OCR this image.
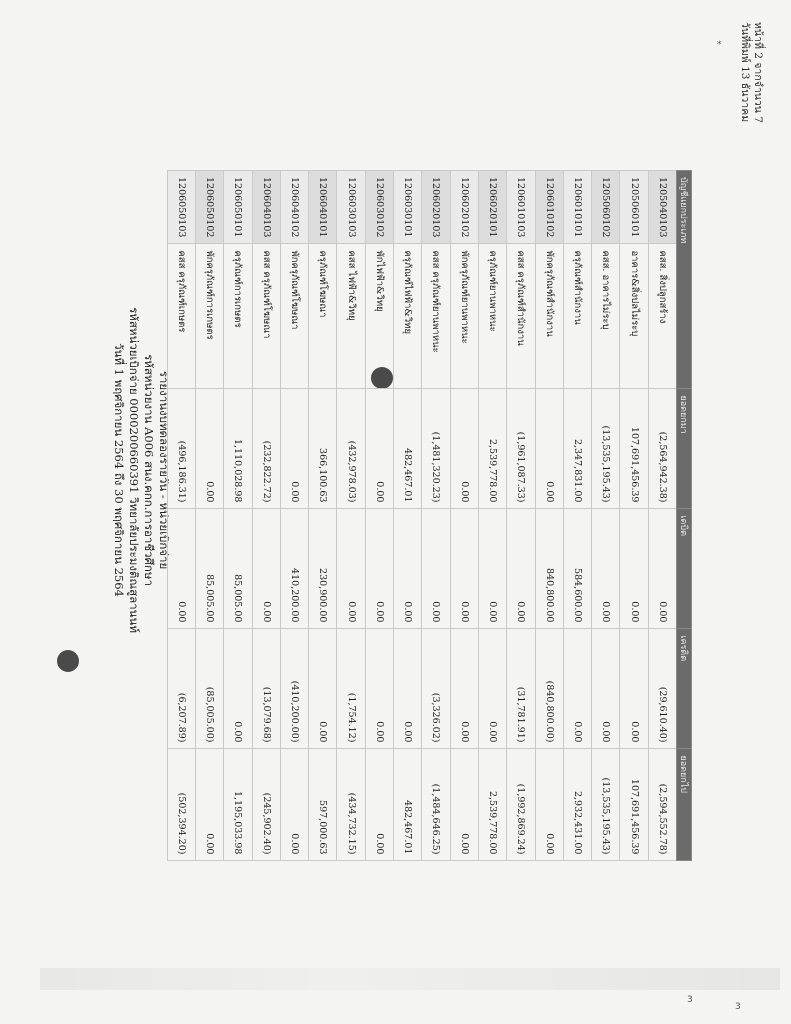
3
3
*	หน้าที่ 2 จากจำนวน 7
วันที่พิมพ์ 13 ธันวาคม
รายงานงบทดลองรายวัน - หน่วยเบิกจ่าย
รหัสหน่วยงาน A006 สนง.คกก.การอาชีวศึกษา
รหัสหน่วยเบิกจ่าย 0000200660391 วิทยาลัยประมงติณสูลานนท์
วันที่ 1 พฤศจิกายน 2564 ถึง 30 พฤศจิกายน 2564
บัญชีแยกประเภท		ยอดยกมา	เดบิต	เครดิต	ยอดยกไป
1205040103	คสส. สิ่งปลูกสร้าง	(2,564,942.38)	0.00	(29,610.40)	(2,594,552.78)
1205060101	อาคาร&สิ่งปลไม่ระบุ	107,691,456.39	0.00	0.00	107,691,456.39
1205060102	คสส. อาคารไม่ระบุ	(13,535,195.43)	0.00	0.00	(13,535,195.43)
1206010101	ครุภัณฑ์สำนักงาน	2,347,831.00	584,600.00	0.00	2,932,431.00
1206010102	พักครุภัณฑ์สำนักงาน	0.00	840,800.00	(840,800.00)	0.00
1206010103	คสส ครุภัณฑ์สำนักงาน	(1,961,087.33)	0.00	(31,781.91)	(1,992,869.24)
1206020101	ครุภัณฑ์ยานพาหนะ	2,539,778.00	0.00	0.00	2,539,778.00
1206020102	พักครุภัณฑ์ยานพาหนะ	0.00	0.00	0.00	0.00
1206020103	คสส ครุภัณฑ์ยานพาหนะ	(1,481,320.23)	0.00	(3,326.02)	(1,484,646.25)
1206030101	ครุภัณฑ์ไฟฟ้า&วิทยุ	482,467.01	0.00	0.00	482,467.01
1206030102	พักไฟฟ้า&วิทยุ	0.00	0.00	0.00	0.00
1206030103	คสส ไฟฟ้า&วิทยุ	(432,978.03)	0.00	(1,754.12)	(434,732.15)
1206040101	ครุภัณฑ์โฆษณา	366,100.63	230,900.00	0.00	597,000.63
1206040102	พักครุภัณฑ์โฆษณา	0.00	410,200.00	(410,200.00)	0.00
1206040103	คสส ครุภัณฑ์โฆษณา	(232,822.72)	0.00	(13,079.68)	(245,902.40)
1206050101	ครุภัณฑ์การเกษตร	1,110,028.98	85,005.00	0.00	1,195,033.98
1206050102	พักครุภัณฑ์การเกษตร	0.00	85,005.00	(85,005.00)	0.00
1206050103	คสส ครุภัณฑ์เกษตร	(496,186.31)	0.00	(6,207.89)	(502,394.20)
